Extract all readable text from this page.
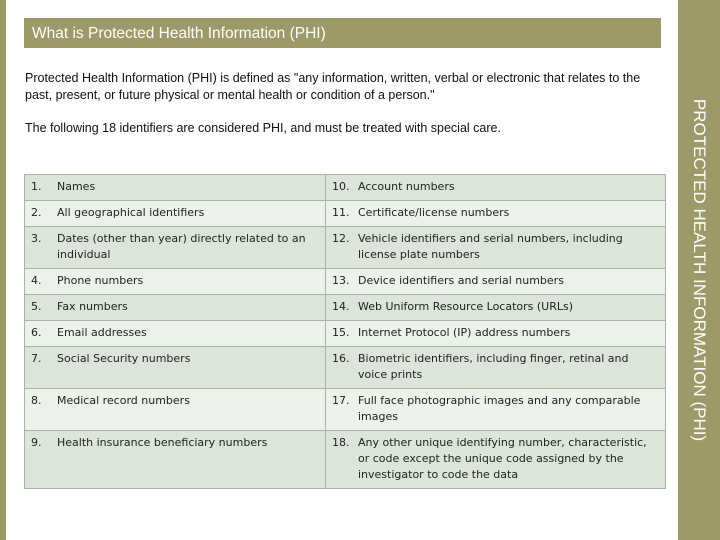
PROTECTED HEALTH INFORMATION (PHI)
What is Protected Health Information (PHI)
Protected Health Information (PHI) is defined as "any information, written, verbal or electronic that relates to the past, present, or future physical or mental health or condition of a person."
The following 18 identifiers are considered PHI, and must be treated with special care.
1. Names	10. Account numbers
2. All geographical identifiers	11. Certificate/license numbers
3. Dates (other than year) directly related to an individual	12. Vehicle identifiers and serial numbers, including license plate numbers
4. Phone numbers	13. Device identifiers and serial numbers
5. Fax numbers	14. Web Uniform Resource Locators (URLs)
6. Email addresses	15. Internet Protocol (IP) address numbers
7. Social Security numbers	16. Biometric identifiers, including finger, retinal and voice prints
8. Medical record numbers	17. Full face photographic images and any comparable images
9. Health insurance beneficiary numbers	18. Any other unique identifying number, characteristic, or code except the unique code assigned by the investigator to code the data
